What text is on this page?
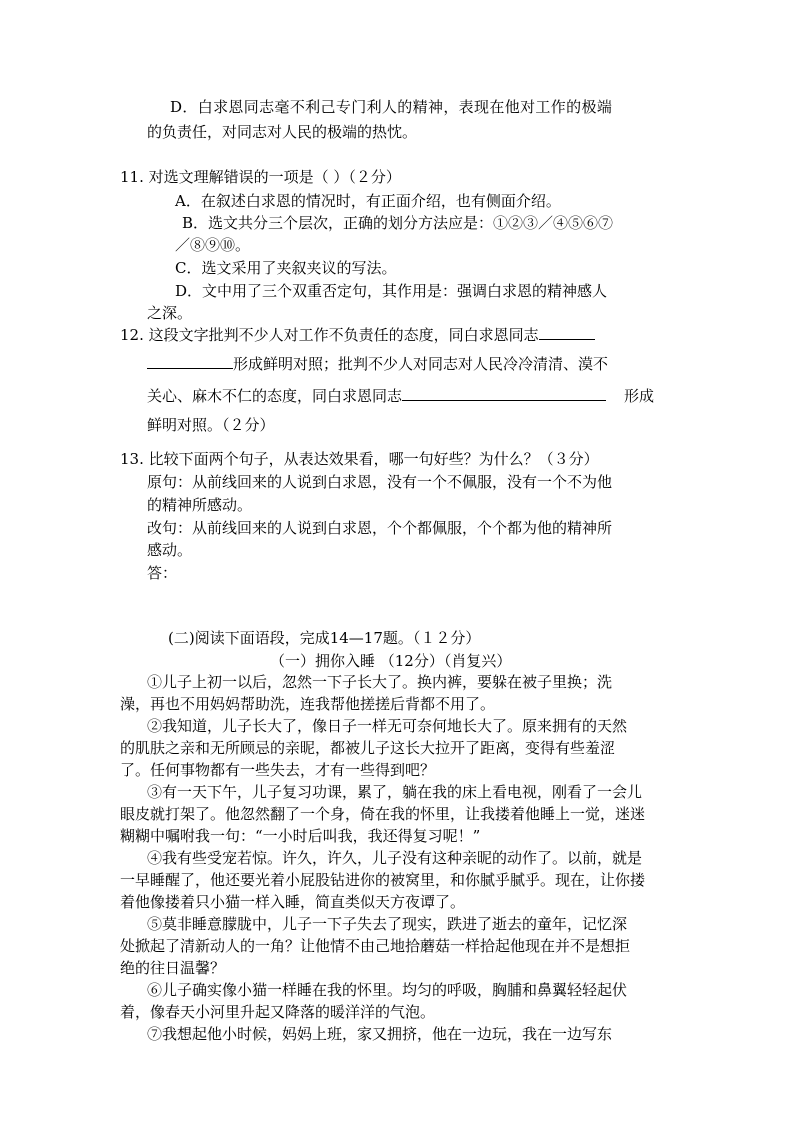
D．白求恩同志毫不利己专门利人的精神，表现在他对工作的极端
的负责任，对同志对人民的极端的热忱。
11. 对选文理解错误的一项是（ ）（２分）
A．在叙述白求恩的情况时，有正面介绍，也有侧面介绍。
B．选文共分三个层次，正确的划分方法应是：①②③／④⑤⑥⑦
／⑧⑨⑩。
C．选文采用了夹叙夹议的写法。
D．文中用了三个双重否定句，其作用是：强调白求恩的精神感人
之深。
12. 这段文字批判不少人对工作不负责任的态度，同白求恩同志
形成鲜明对照；批判不少人对同志对人民冷冷清清、漠不
关心、麻木不仁的态度，同白求恩同志	形成
鲜明对照。（２分）
13. 比较下面两个句子，从表达效果看，哪一句好些？为什么？（３分）
原句：从前线回来的人说到白求恩，没有一个不佩服，没有一个不为他
的精神所感动。
改句：从前线回来的人说到白求恩，个个都佩服，个个都为他的精神所
感动。
答：
(二)阅读下面语段，完成14—17题。（１２分）
（一）拥你入睡 （12分）（肖复兴）
①儿子上初一以后，忽然一下子长大了。换内裤，要躲在被子里换；洗
澡，再也不用妈妈帮助洗，连我帮他搓搓后背都不用了。
②我知道，儿子长大了，像日子一样无可奈何地长大了。原来拥有的天然
的肌肤之亲和无所顾忌的亲昵，都被儿子这长大拉开了距离，变得有些羞涩
了。任何事物都有一些失去，才有一些得到吧？
③有一天下午，儿子复习功课，累了，躺在我的床上看电视，刚看了一会儿
眼皮就打架了。他忽然翻了一个身，倚在我的怀里，让我搂着他睡上一觉，迷迷
糊糊中嘱咐我一句：“一小时后叫我，我还得复习呢！”
④我有些受宠若惊。许久，许久，儿子没有这种亲昵的动作了。以前，就是
一早睡醒了，他还要光着小屁股钻进你的被窝里，和你腻乎腻乎。现在，让你搂
着他像搂着只小猫一样入睡，简直类似天方夜谭了。
⑤莫非睡意朦胧中，儿子一下子失去了现实，跌进了逝去的童年，记忆深
处掀起了清新动人的一角？让他情不由己地拾蘑菇一样拾起他现在并不是想拒
绝的往日温馨？
⑥儿子确实像小猫一样睡在我的怀里。均匀的呼吸，胸脯和鼻翼轻轻起伏
着，像春天小河里升起又降落的暖洋洋的气泡。
⑦我想起他小时候，妈妈上班，家又拥挤，他在一边玩，我在一边写东
